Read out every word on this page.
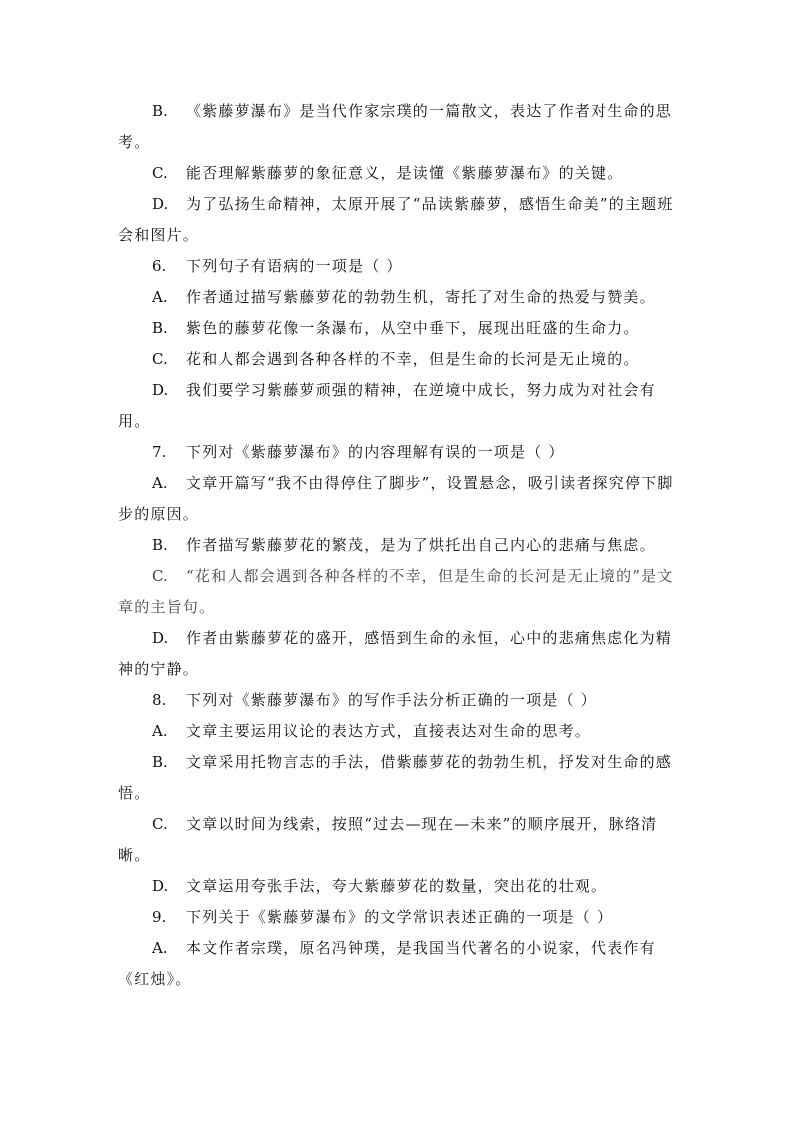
B. 《紫藤萝瀑布》是当代作家宗璞的一篇散文，表达了作者对生命的思考。

C. 能否理解紫藤萝的象征意义，是读懂《紫藤萝瀑布》的关键。

D. 为了弘扬生命精神，太原开展了“品读紫藤萝，感悟生命美”的主题班会和图片。

6. 下列句子有语病的一项是（ ）

A. 作者通过描写紫藤萝花的勃勃生机，寄托了对生命的热爱与赞美。

B. 紫色的藤萝花像一条瀑布，从空中垂下，展现出旺盛的生命力。

C. 花和人都会遇到各种各样的不幸，但是生命的长河是无止境的。

D. 我们要学习紫藤萝顽强的精神，在逆境中成长，努力成为对社会有用。

7. 下列对《紫藤萝瀑布》的内容理解有误的一项是（ ）

A. 文章开篇写“我不由得停住了脚步”，设置悬念，吸引读者探究停下脚步的原因。

B. 作者描写紫藤萝花的繁茂，是为了烘托出自己内心的悲痛与焦虑。

C. “花和人都会遇到各种各样的不幸，但是生命的长河是无止境的”是文章的主旨句。

D. 作者由紫藤萝花的盛开，感悟到生命的永恒，心中的悲痛焦虑化为精神的宁静。

8. 下列对《紫藤萝瀑布》的写作手法分析正确的一项是（ ）

A. 文章主要运用议论的表达方式，直接表达对生命的思考。

B. 文章采用托物言志的手法，借紫藤萝花的勃勃生机，抒发对生命的感悟。

C. 文章以时间为线索，按照“过去—现在—未来”的顺序展开，脉络清晰。

D. 文章运用夸张手法，夸大紫藤萝花的数量，突出花的壮观。

9. 下列关于《紫藤萝瀑布》的文学常识表述正确的一项是（ ）

A. 本文作者宗璞，原名冯钟璞，是我国当代著名的小说家，代表作有《红烛》。
